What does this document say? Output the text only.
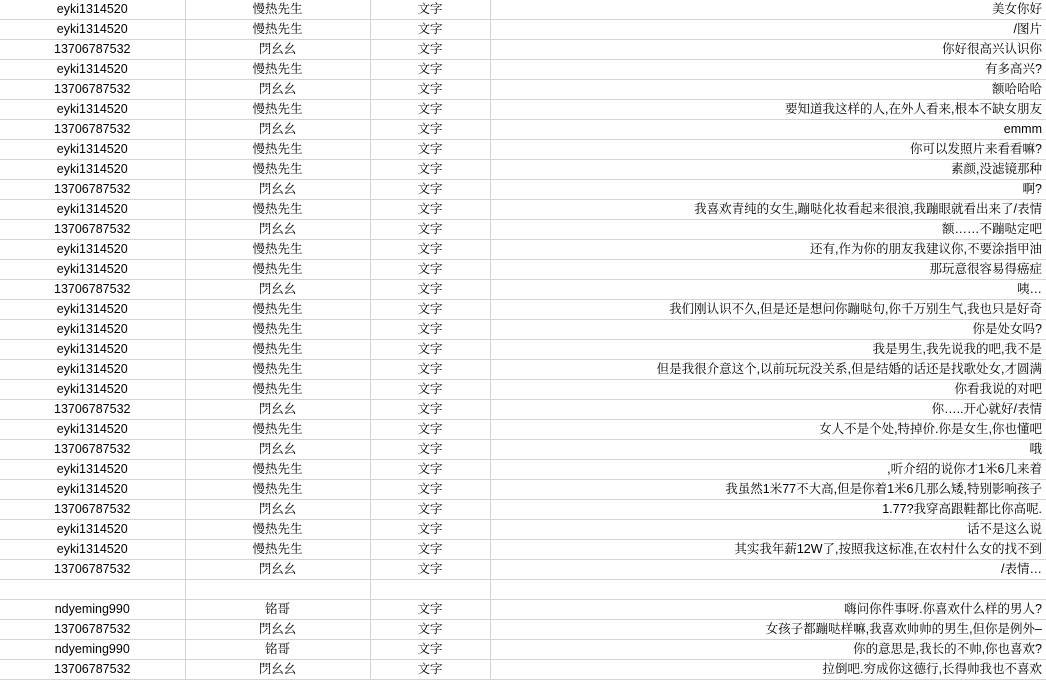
eyki1314520	慢热先生	文字	美女你好
eyki1314520	慢热先生	文字	/图片
13706787532	閁幺幺	文字	你好很高兴认识你
eyki1314520	慢热先生	文字	有多高兴?
13706787532	閁幺幺	文字	额哈哈哈
eyki1314520	慢热先生	文字	要知道我这样的人,在外人看来,根本不缺女朋友
13706787532	閁幺幺	文字	emmm
eyki1314520	慢热先生	文字	你可以发照片来看看嘛?
eyki1314520	慢热先生	文字	素颜,没滤镜那种
13706787532	閁幺幺	文字	啊?
eyki1314520	慢热先生	文字	我喜欢青纯的女生,蹦哒化妆看起来很浪,我蹦眼就看出来了/表情
13706787532	閁幺幺	文字	额……不蹦哒定吧
eyki1314520	慢热先生	文字	还有,作为你的朋友我建议你,不要涂指甲油
eyki1314520	慢热先生	文字	那玩意很容易得癌症
13706787532	閁幺幺	文字	咦…
eyki1314520	慢热先生	文字	我们刚认识不久,但是还是想问你蹦哒句,你千万别生气,我也只是好奇
eyki1314520	慢热先生	文字	你是处女吗?
eyki1314520	慢热先生	文字	我是男生,我先说我的吧,我不是
eyki1314520	慢热先生	文字	但是我很介意这个,以前玩玩没关系,但是结婚的话还是找歌处女,才圆满
eyki1314520	慢热先生	文字	你看我说的对吧
13706787532	閁幺幺	文字	你…..开心就好/表情
eyki1314520	慢热先生	文字	女人不是个处,特掉价.你是女生,你也懂吧
13706787532	閁幺幺	文字	哦
eyki1314520	慢热先生	文字	,听介绍的说你才1米6几来着
eyki1314520	慢热先生	文字	我虽然1米77不大高,但是你着1米6几那么矮,特别影响孩子
13706787532	閁幺幺	文字	1.77?我穿高跟鞋都比你高呢.
eyki1314520	慢热先生	文字	话不是这么说
eyki1314520	慢热先生	文字	其实我年薪12W了,按照我这标准,在农村什么女的找不到
13706787532	閁幺幺	文字	/表情…

ndyeming990	铭哥	文字	嗨问你件事呀.你喜欢什么样的男人?
13706787532	閁幺幺	文字	女孩子都蹦哒样嘛,我喜欢帅帅的男生,但你是例外–
ndyeming990	铭哥	文字	你的意思是,我长的不帅,你也喜欢?
13706787532	閁幺幺	文字	拉倒吧.穷成你这德行,长得帅我也不喜欢
